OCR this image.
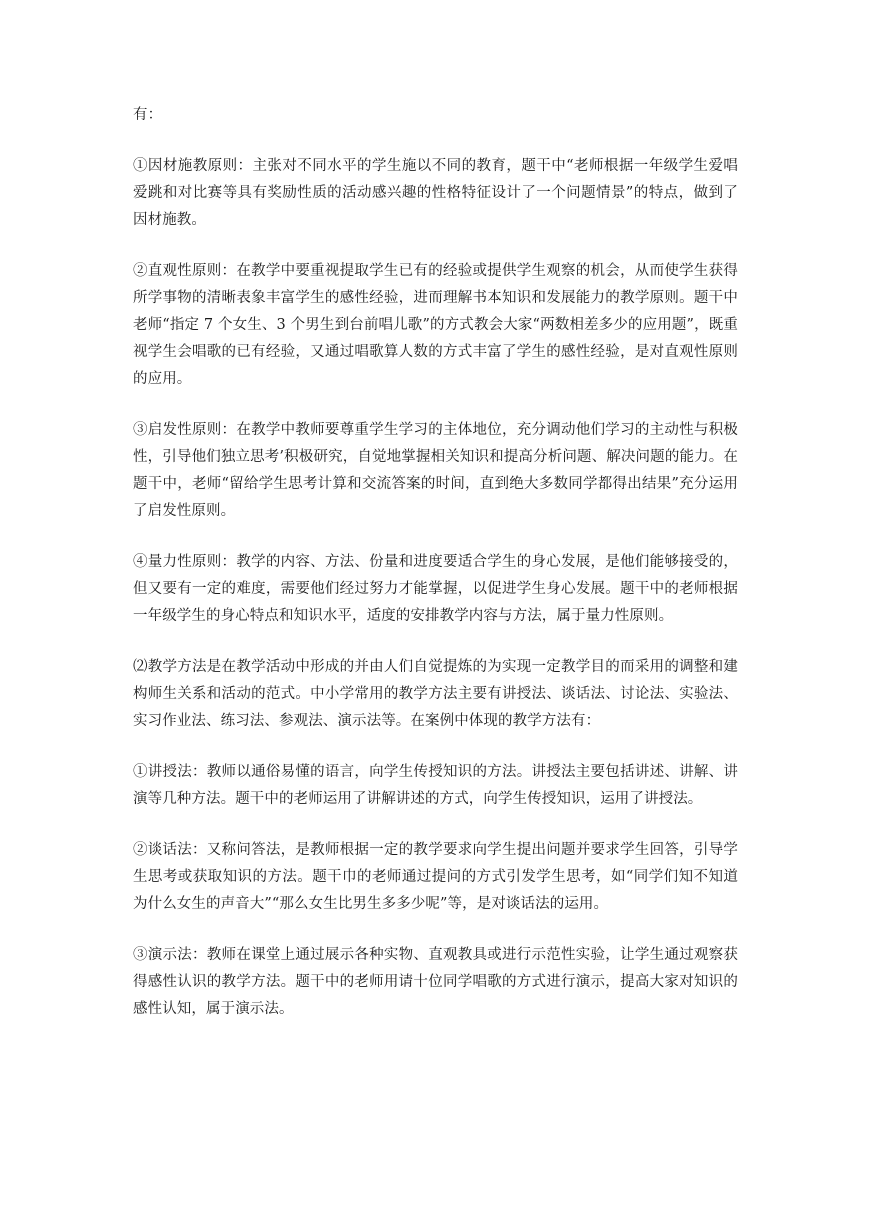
有：

①因材施教原则：主张对不同水平的学生施以不同的教育，题干中“老师根据一年级学生爱唱爱跳和对比赛等具有奖励性质的活动感兴趣的性格特征设计了一个问题情景”的特点，做到了因材施教。

②直观性原则：在教学中要重视提取学生已有的经验或提供学生观察的机会，从而使学生获得所学事物的清晰表象丰富学生的感性经验，进而理解书本知识和发展能力的教学原则。题干中老师“指定 7 个女生、3 个男生到台前唱儿歌”的方式教会大家“两数相差多少的应用题”，既重视学生会唱歌的已有经验，又通过唱歌算人数的方式丰富了学生的感性经验，是对直观性原则的应用。

③启发性原则：在教学中教师要尊重学生学习的主体地位，充分调动他们学习的主动性与积极性，引导他们独立思考’积极研究，自觉地掌握相关知识和提高分析问题、解决问题的能力。在题干中，老师“留给学生思考计算和交流答案的时间，直到绝大多数同学都得出结果”充分运用了启发性原则。

④量力性原则：教学的内容、方法、份量和进度要适合学生的身心发展，是他们能够接受的，但又要有一定的难度，需要他们经过努力才能掌握，以促进学生身心发展。题干中的老师根据一年级学生的身心特点和知识水平，适度的安排教学内容与方法，属于量力性原则。

⑵教学方法是在教学活动中形成的并由人们自觉提炼的为实现一定教学目的而采用的调整和建构师生关系和活动的范式。中小学常用的教学方法主要有讲授法、谈话法、讨论法、实验法、实习作业法、练习法、参观法、演示法等。在案例中体现的教学方法有：

①讲授法：教师以通俗易懂的语言，向学生传授知识的方法。讲授法主要包括讲述、讲解、讲演等几种方法。题干中的老师运用了讲解讲述的方式，向学生传授知识，运用了讲授法。

②谈话法：又称问答法，是教师根据一定的教学要求向学生提出问题并要求学生回答，引导学生思考或获取知识的方法。题干巾的老师通过提问的方式引发学生思考，如“同学们知不知道为什么女生的声音大”“那么女生比男生多多少呢”等，是对谈话法的运用。

③演示法：教师在课堂上通过展示各种实物、直观教具或进行示范性实验，让学生通过观察获得感性认识的教学方法。题干中的老师用请十位同学唱歌的方式进行演示，提高大家对知识的感性认知，属于演示法。
